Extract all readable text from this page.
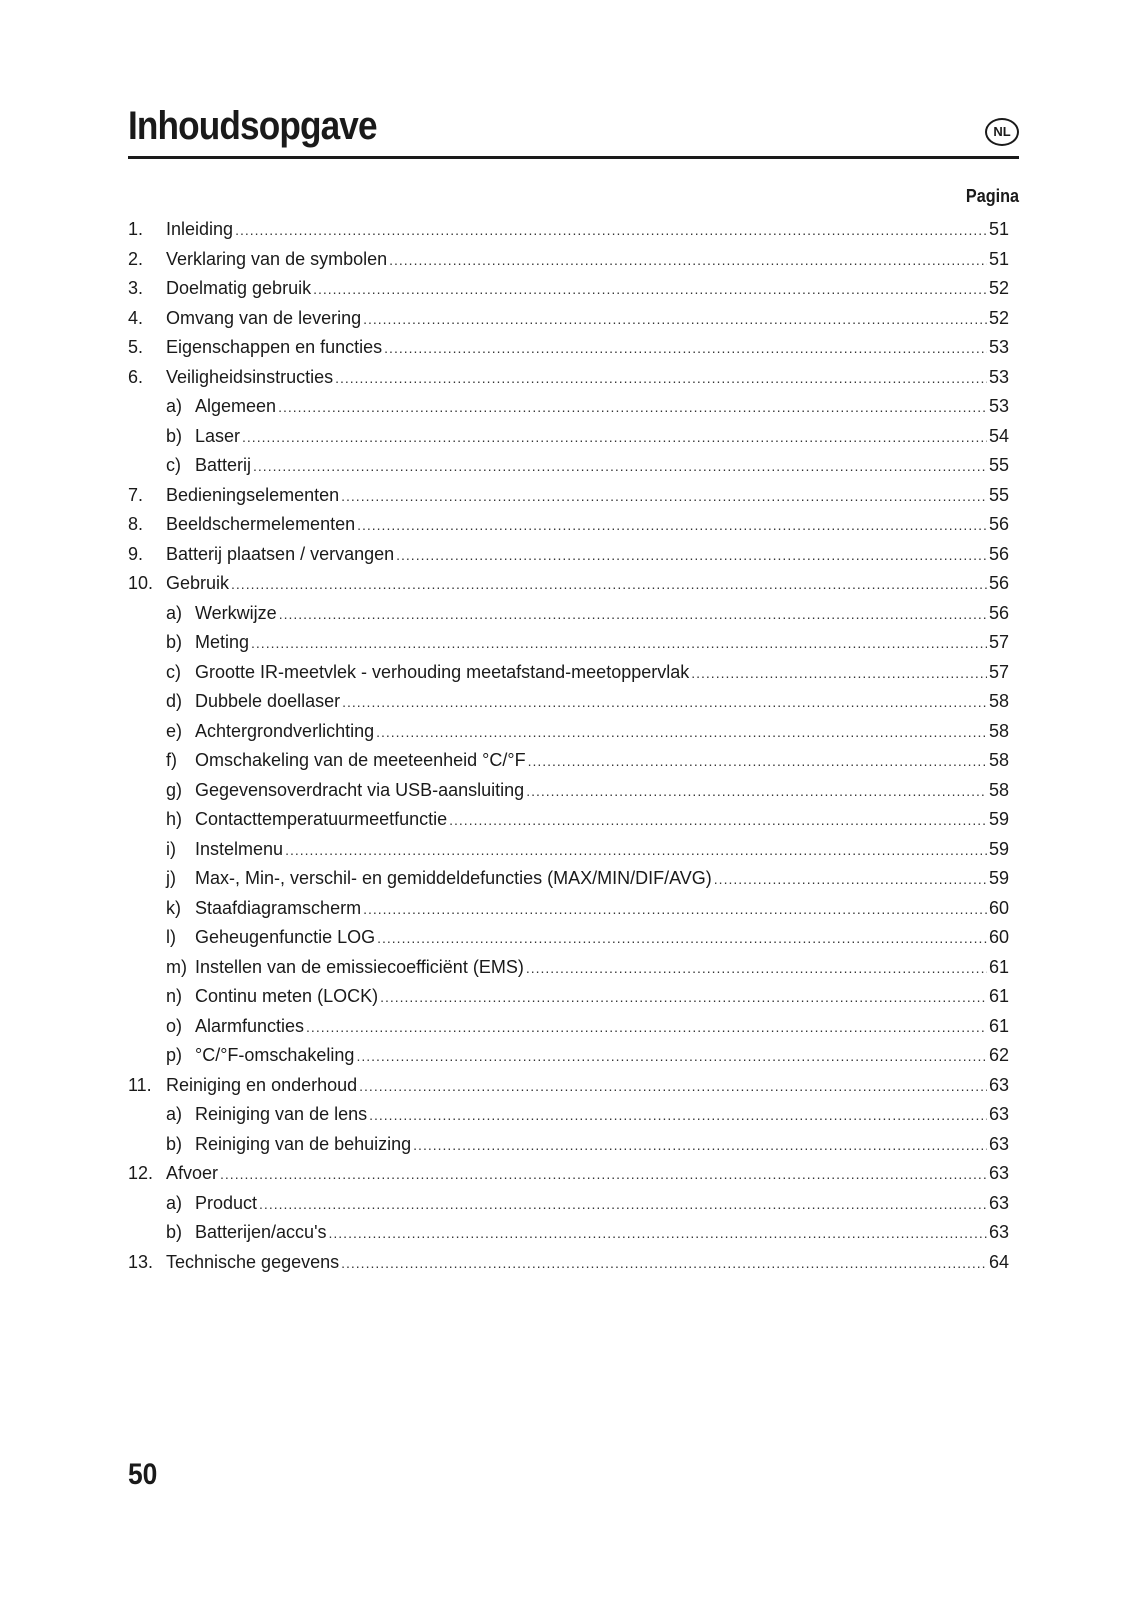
Inhoudsopgave	NL
Pagina
1. Inleiding .....	51
2. Verklaring van de symbolen .....	51
3. Doelmatig gebruik .....	52
4. Omvang van de levering .....	52
5. Eigenschappen en functies .....	53
6. Veiligheidsinstructies .....	53
a) Algemeen .....	53
b) Laser .....	54
c) Batterij .....	55
7. Bedieningselementen .....	55
8. Beeldschermelementen .....	56
9. Batterij plaatsen / vervangen .....	56
10. Gebruik .....	56
a) Werkwijze .....	56
b) Meting .....	57
c) Grootte IR-meetvlek - verhouding meetafstand-meetoppervlak .....	57
d) Dubbele doellaser .....	58
e) Achtergrondverlichting .....	58
f) Omschakeling van de meeteenheid °C/°F .....	58
g) Gegevensoverdracht via USB-aansluiting .....	58
h) Contacttemperatuurmeetfunctie .....	59
i) Instelmenu .....	59
j) Max-, Min-, verschil- en gemiddeldefuncties (MAX/MIN/DIF/AVG) .....	59
k) Staafdiagramscherm .....	60
l) Geheugenfunctie LOG .....	60
m) Instellen van de emissiecoefficiënt (EMS) .....	61
n) Continu meten (LOCK) .....	61
o) Alarmfuncties .....	61
p) °C/°F-omschakeling .....	62
11. Reiniging en onderhoud .....	63
a) Reiniging van de lens .....	63
b) Reiniging van de behuizing .....	63
12. Afvoer .....	63
a) Product .....	63
b) Batterijen/accu's .....	63
13. Technische gegevens .....	64
50
